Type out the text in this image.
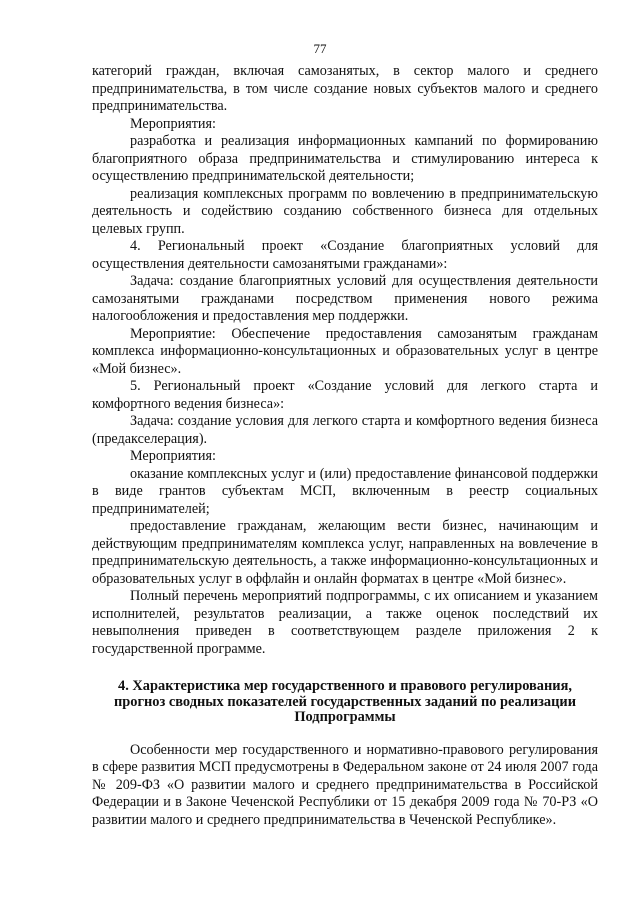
77

категорий граждан, включая самозанятых, в сектор малого и среднего предпринимательства, в том числе создание новых субъектов малого и среднего предпринимательства.

Мероприятия:

разработка и реализация информационных кампаний по формированию благоприятного образа предпринимательства и стимулированию интереса к осуществлению предпринимательской деятельности;

реализация комплексных программ по вовлечению в предпринимательскую деятельность и содействию созданию собственного бизнеса для отдельных целевых групп.

4. Региональный проект «Создание благоприятных условий для осуществления деятельности самозанятыми гражданами»:

Задача: создание благоприятных условий для осуществления деятельности самозанятыми гражданами посредством применения нового режима налогообложения и предоставления мер поддержки.

Мероприятие: Обеспечение предоставления самозанятым гражданам комплекса информационно-консультационных и образовательных услуг в центре «Мой бизнес».

5. Региональный проект «Создание условий для легкого старта и комфортного ведения бизнеса»:

Задача: создание условия для легкого старта и комфортного ведения бизнеса (предакселерация).

Мероприятия:

оказание комплексных услуг и (или) предоставление финансовой поддержки в виде грантов субъектам МСП, включенным в реестр социальных предпринимателей;

предоставление гражданам, желающим вести бизнес, начинающим и действующим предпринимателям комплекса услуг, направленных на вовлечение в предпринимательскую деятельность, а также информационно-консультационных и образовательных услуг в оффлайн и онлайн форматах в центре «Мой бизнес».

Полный перечень мероприятий подпрограммы, с их описанием и указанием исполнителей, результатов реализации, а также оценок последствий их невыполнения приведен в соответствующем разделе приложения 2 к государственной программе.

4. Характеристика мер государственного и правового регулирования, прогноз сводных показателей государственных заданий по реализации Подпрограммы

Особенности мер государственного и нормативно-правового регулирования в сфере развития МСП предусмотрены в Федеральном законе от 24 июля 2007 года № 209-ФЗ «О развитии малого и среднего предпринимательства в Российской Федерации и в Законе Чеченской Республики от 15 декабря 2009 года № 70-РЗ «О развитии малого и среднего предпринимательства в Чеченской Республике».
